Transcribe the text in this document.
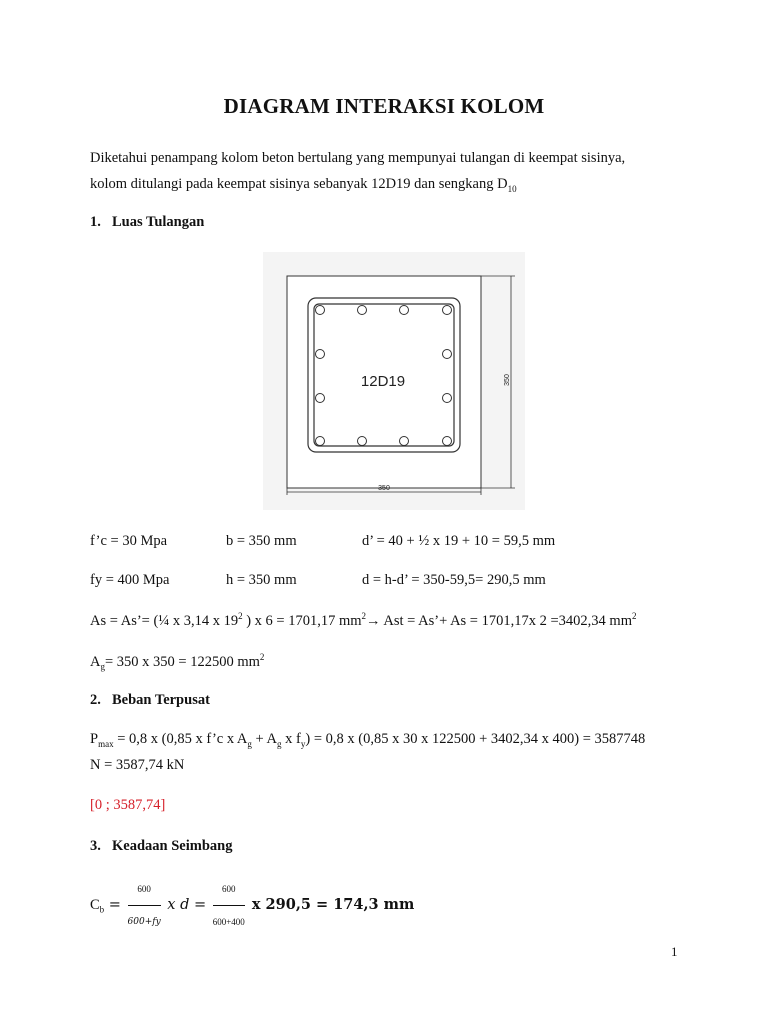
DIAGRAM INTERAKSI KOLOM
Diketahui penampang kolom beton bertulang yang mempunyai tulangan di keempat sisinya,
kolom ditulangi pada keempat sisinya sebanyak 12D19 dan sengkang $D_{10}$
1. Luas Tulangan
12D19	350
350
f’c = 30 Mpa	b = 350 mm	d’ = 40 + ½ x 19 + 10 = 59,5 mm
fy = 400 Mpa	h = 350 mm	d = h-d’ = 350-59,5= 290,5 mm
As = As’= (¼ x 3,14 x $19^2$ ) x 6 = 1701,17 $mm^2\to$ Ast = As’+ As = 1701,17x 2 =3402,34 $mm^2$
$A_g= 350$ x 350 = 122500 $mm^2$
2. Beban Terpusat
$P_{max} = 0,8$ x (0,85 x f’c x $A_g + A_g$ x $f_y) = 0,8$ x (0,85 x 30 x 122500 + 3402,34 x 400) = 3587748
N = 3587,74 kN
[0 ; 3587,74]
3. Keadaan Seimbang
$C_b = \frac{600}{600+fy}$ x $d = \frac{600}{600+400}$ x 290,5 = 174,3 mm
1
